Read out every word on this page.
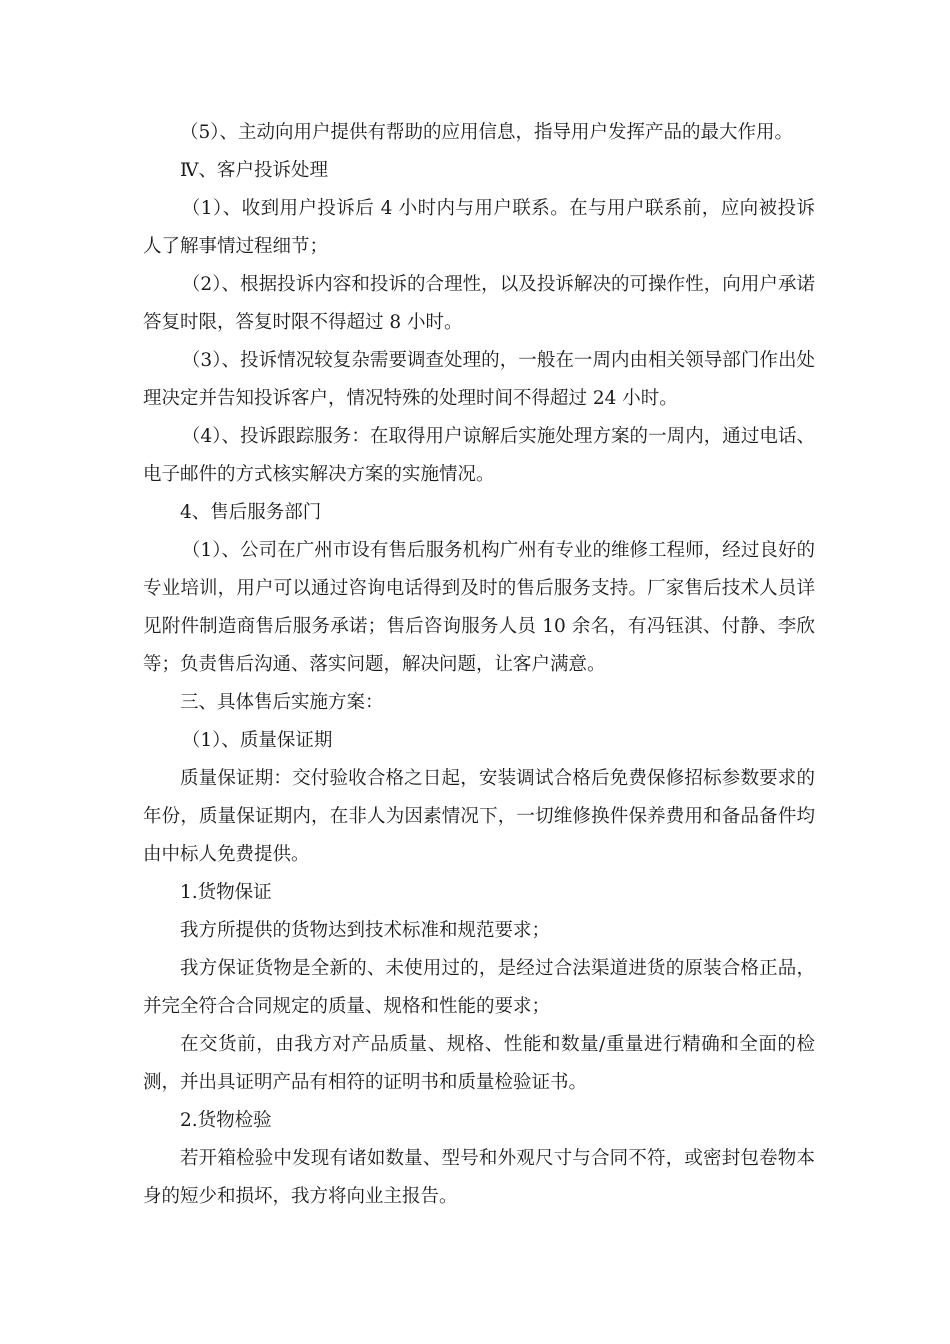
（5）、主动向用户提供有帮助的应用信息，指导用户发挥产品的最大作用。

Ⅳ、客户投诉处理

（1）、收到用户投诉后 4 小时内与用户联系。在与用户联系前，应向被投诉人了解事情过程细节；

（2）、根据投诉内容和投诉的合理性，以及投诉解决的可操作性，向用户承诺答复时限，答复时限不得超过 8 小时。

（3）、投诉情况较复杂需要调查处理的，一般在一周内由相关领导部门作出处理决定并告知投诉客户，情况特殊的处理时间不得超过 24 小时。

（4）、投诉跟踪服务：在取得用户谅解后实施处理方案的一周内，通过电话、电子邮件的方式核实解决方案的实施情况。

4、售后服务部门

（1）、公司在广州市设有售后服务机构广州有专业的维修工程师，经过良好的专业培训，用户可以通过咨询电话得到及时的售后服务支持。厂家售后技术人员详见附件制造商售后服务承诺；售后咨询服务人员 10 余名，有冯钰淇、付静、李欣等；负责售后沟通、落实问题，解决问题，让客户满意。

三、具体售后实施方案：

（1）、质量保证期

质量保证期：交付验收合格之日起，安装调试合格后免费保修招标参数要求的年份，质量保证期内，在非人为因素情况下，一切维修换件保养费用和备品备件均由中标人免费提供。

1.货物保证

我方所提供的货物达到技术标准和规范要求；

我方保证货物是全新的、未使用过的，是经过合法渠道进货的原装合格正品，并完全符合合同规定的质量、规格和性能的要求；

在交货前，由我方对产品质量、规格、性能和数量/重量进行精确和全面的检测，并出具证明产品有相符的证明书和质量检验证书。

2.货物检验

若开箱检验中发现有诸如数量、型号和外观尺寸与合同不符，或密封包卷物本身的短少和损坏，我方将向业主报告。
